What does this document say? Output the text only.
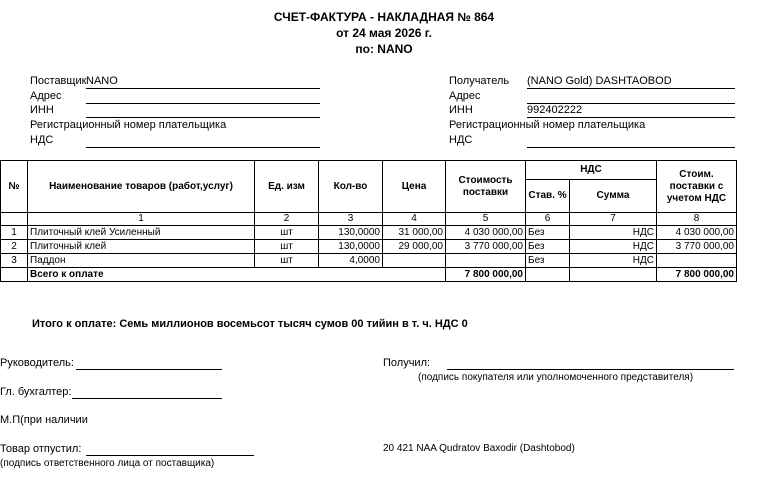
СЧЕТ-ФАКТУРА - НАКЛАДНАЯ № 864
от 24 мая 2026 г.
по: NANO
Поставщик NANO
Адрес
ИНН
Регистрационный номер плательщика
НДС
Получатель (NANO Gold) DASHTAOBOD
Адрес
ИНН	992402222
Регистрационный номер плательщика
НДС
№	Наименование товаров (работ,услуг)	Ед. изм	Кол-во	Цена	Стоимость поставки	НДС		Стоим. поставки с учетом НДС
						Став. %	Сумма	
	1	2	3	4	5	6	7	8
1	Плиточный клей Усиленный	шт	130,0000	31 000,00	4 030 000,00	Без	НДС	4 030 000,00
2	Плиточный клей	шт	130,0000	29 000,00	3 770 000,00	Без	НДС	3 770 000,00
3	Паддон	шт	4,0000			Без	НДС	
	Всего к оплате				7 800 000,00			7 800 000,00
Итого к оплате: Семь миллионов восемьсот тысяч сумов 00 тийин в т. ч. НДС 0
Руководитель:	Получил:
(подпись покупателя или уполномоченного представителя)
Гл. бухгалтер:
М.П(при наличии
Товар отпустил:
(подпись ответственного лица от поставщика)
20 421 NAA Qudratov Baxodir (Dashtobod)
